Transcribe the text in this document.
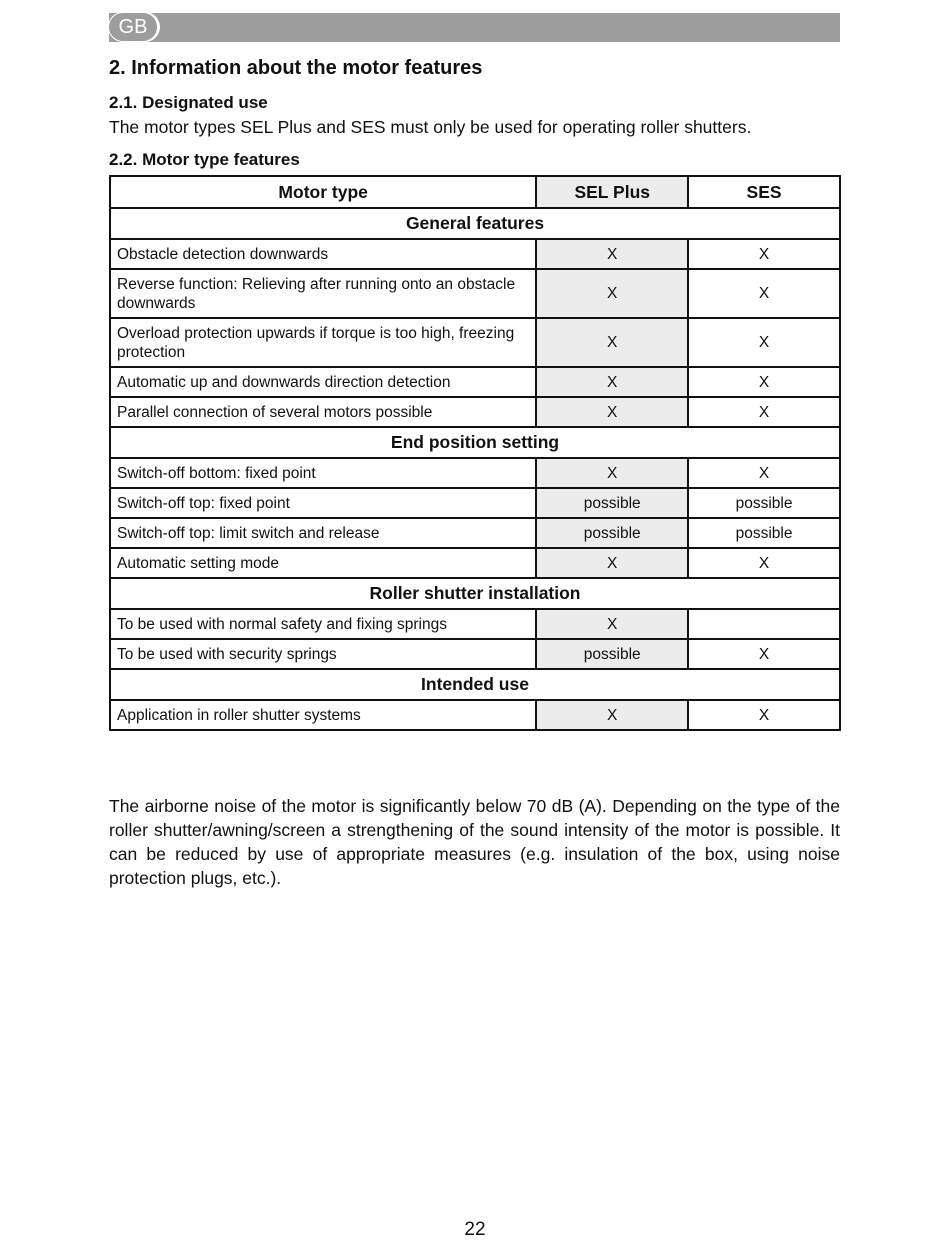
GB
2. Information about the motor features
2.1. Designated use
The motor types SEL Plus and SES must only be used for operating roller shutters.
2.2. Motor type features
Motor type	SEL Plus	SES
General features		
Obstacle detection downwards	X	X
Reverse function: Relieving after running onto an obstacle downwards	X	X
Overload protection upwards if torque is too high, freezing protection	X	X
Automatic up and downwards direction detection	X	X
Parallel connection of several motors possible	X	X
End position setting		
Switch-off bottom: fixed point	X	X
Switch-off top: fixed point	possible	possible
Switch-off top: limit switch and release	possible	possible
Automatic setting mode	X	X
Roller shutter installation		
To be used with normal safety and fixing springs	X	
To be used with security springs	possible	X
Intended use		
Application in roller shutter systems	X	X
The airborne noise of the motor is significantly below 70 dB (A). Depending on the type of the roller shutter/awning/screen a strengthening of the sound intensity of the motor is possible. It can be reduced by use of appropriate measures (e.g. insulation of the box, using noise protection plugs, etc.).
22
